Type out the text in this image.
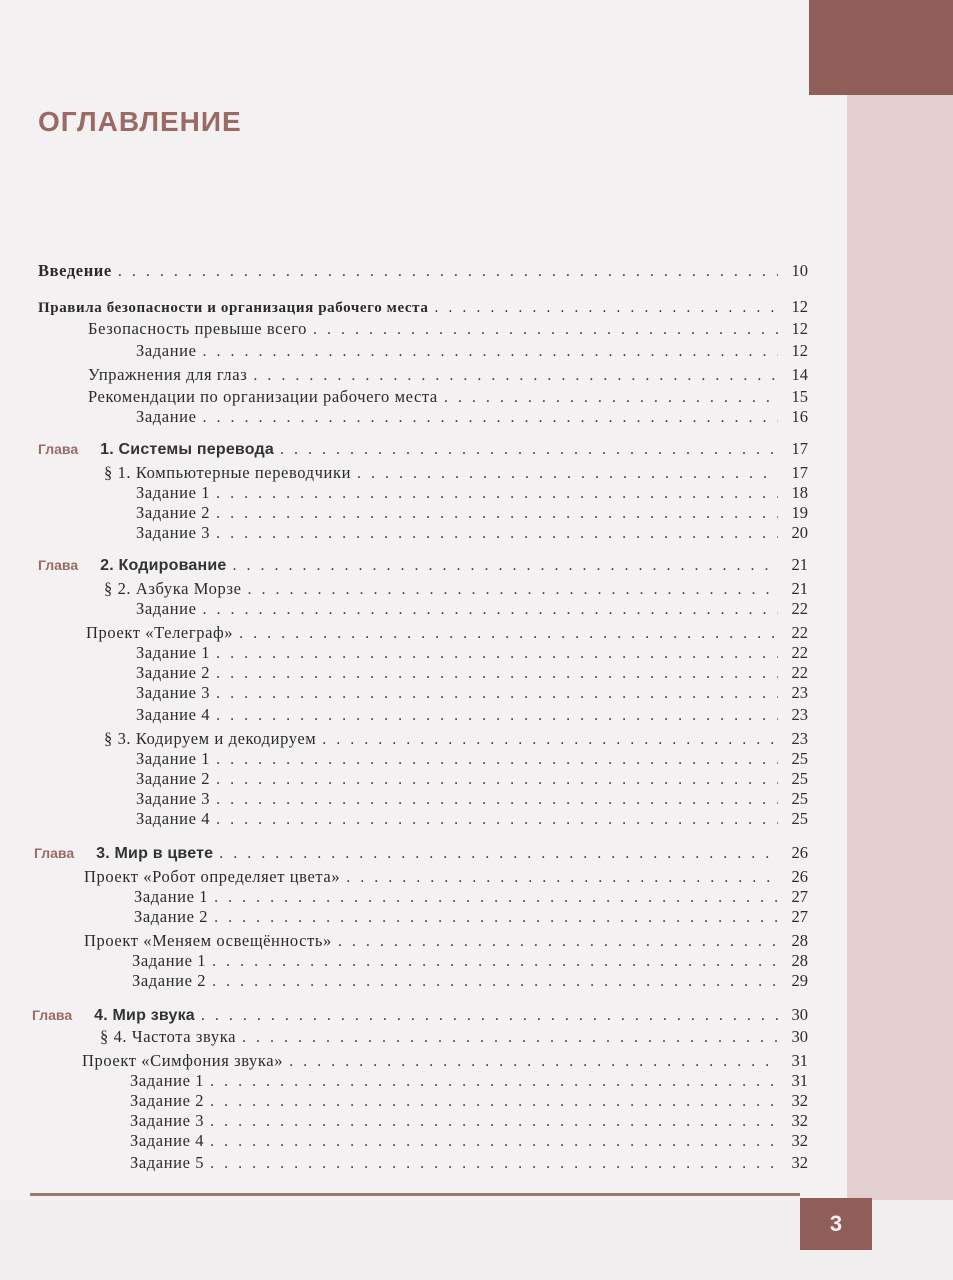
3
ОГЛАВЛЕНИЕ
Введение . . .	10
Правила безопасности и организация рабочего места . . .	12
Безопасность превыше всего . . .	12
Задание . . .	12
Упражнения для глаз . . .	14
Рекомендации по организации рабочего места . . .	15
Задание . . .	16
Глава 1. Системы перевода . . .	17
§ 1. Компьютерные переводчики . . .	17
Задание 1 . . .	18
Задание 2 . . .	19
Задание 3 . . .	20
Глава 2. Кодирование . . .	21
§ 2. Азбука Морзе . . .	21
Задание . . .	22
Проект «Телеграф» . . .	22
Задание 1 . . .	22
Задание 2 . . .	22
Задание 3 . . .	23
Задание 4 . . .	23
§ 3. Кодируем и декодируем . . .	23
Задание 1 . . .	25
Задание 2 . . .	25
Задание 3 . . .	25
Задание 4 . . .	25
Глава 3. Мир в цвете . . .	26
Проект «Робот определяет цвета» . . .	26
Задание 1 . . .	27
Задание 2 . . .	27
Проект «Меняем освещённость» . . .	28
Задание 1 . . .	28
Задание 2 . . .	29
Глава 4. Мир звука . . .	30
§ 4. Частота звука . . .	30
Проект «Симфония звука» . . .	31
Задание 1 . . .	31
Задание 2 . . .	32
Задание 3 . . .	32
Задание 4 . . .	32
Задание 5 . . .	32
